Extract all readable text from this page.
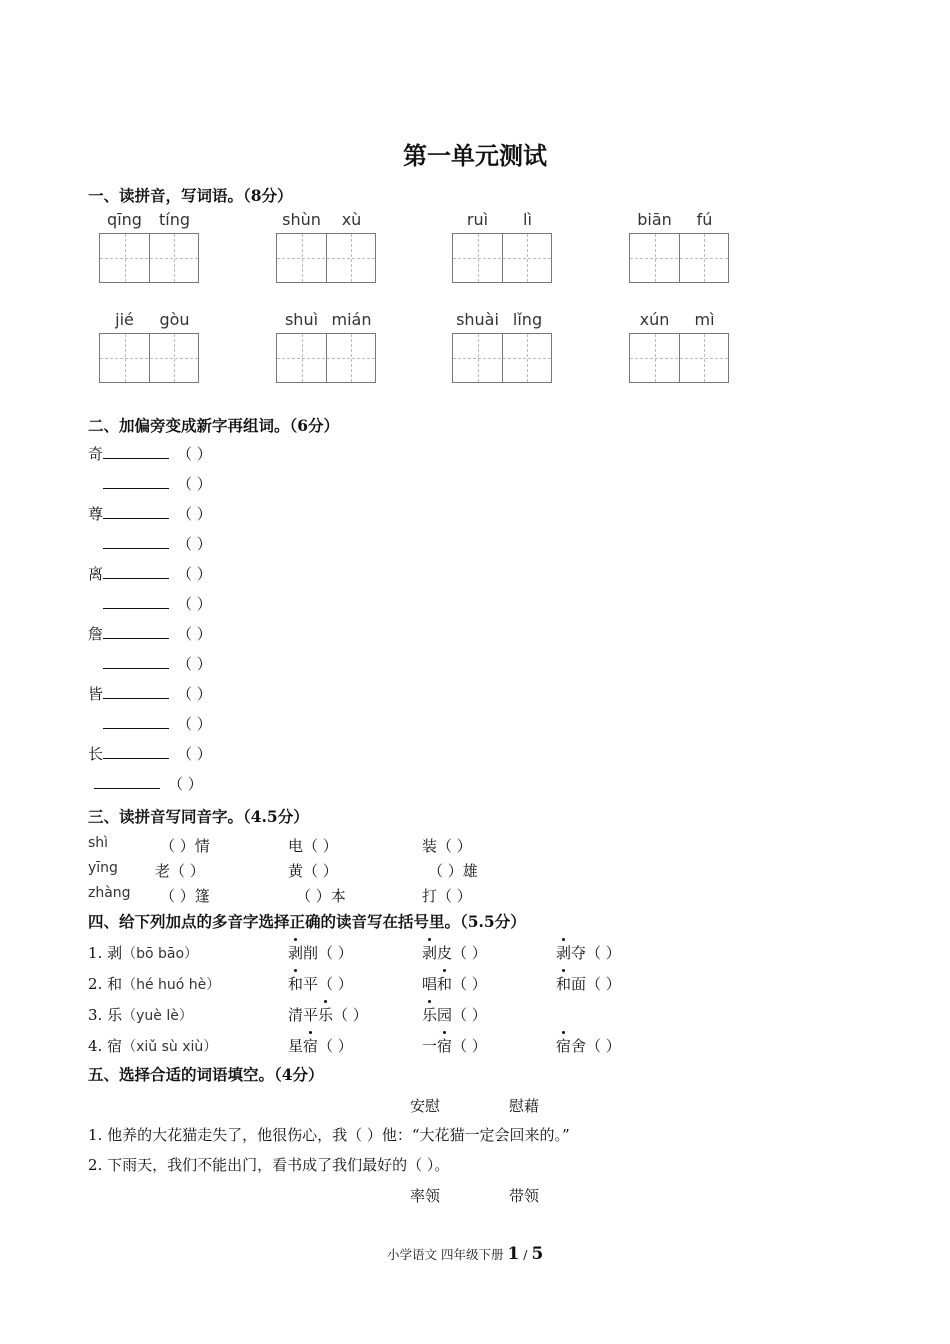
第一单元测试
一、读拼音，写词语。（8分）
qīng	tíng	shùn	xù	ruì	lì	biān	fú
jié	gòu	shuì mián	shuài lǐng	xún	mì
二、加偏旁变成新字再组词。（6分）
奇	（ ）
（ ）
尊	（ ）
（ ）
离	（ ）
（ ）
詹	（ ）
（ ）
皆	（ ）
（ ）
长	（ ）
（ ）
三、读拼音写同音字。（4.5分）
shì	（ ）情	电（ ）	装（ ）
yīng 老（ ）	黄（ ）	（ ）雄
zhàng （ ）篷	（ ）本	打（ ）
四、给下列加点的多音字选择正确的读音写在括号里。（5.5分）
1. 剥（bō bāo）	剥削（ ）	剥皮（ ）	剥夺（ ）
2. 和（hé huó hè）	和平（ ）	唱和（ ）	和面（ ）
3. 乐（yuè lè）	清平乐（ ）	乐园（ ）
4. 宿（xiǔ sù xiù）	星宿（ ）	一宿（ ）	宿舍（ ）
五、选择合适的词语填空。（4分）
安慰	慰藉
1. 他养的大花猫走失了，他很伤心，我（ ）他：“大花猫一定会回来的。”
2. 下雨天，我们不能出门，看书成了我们最好的（ ）。
率领	带领
小学语文 四年级下册 1 / 5
